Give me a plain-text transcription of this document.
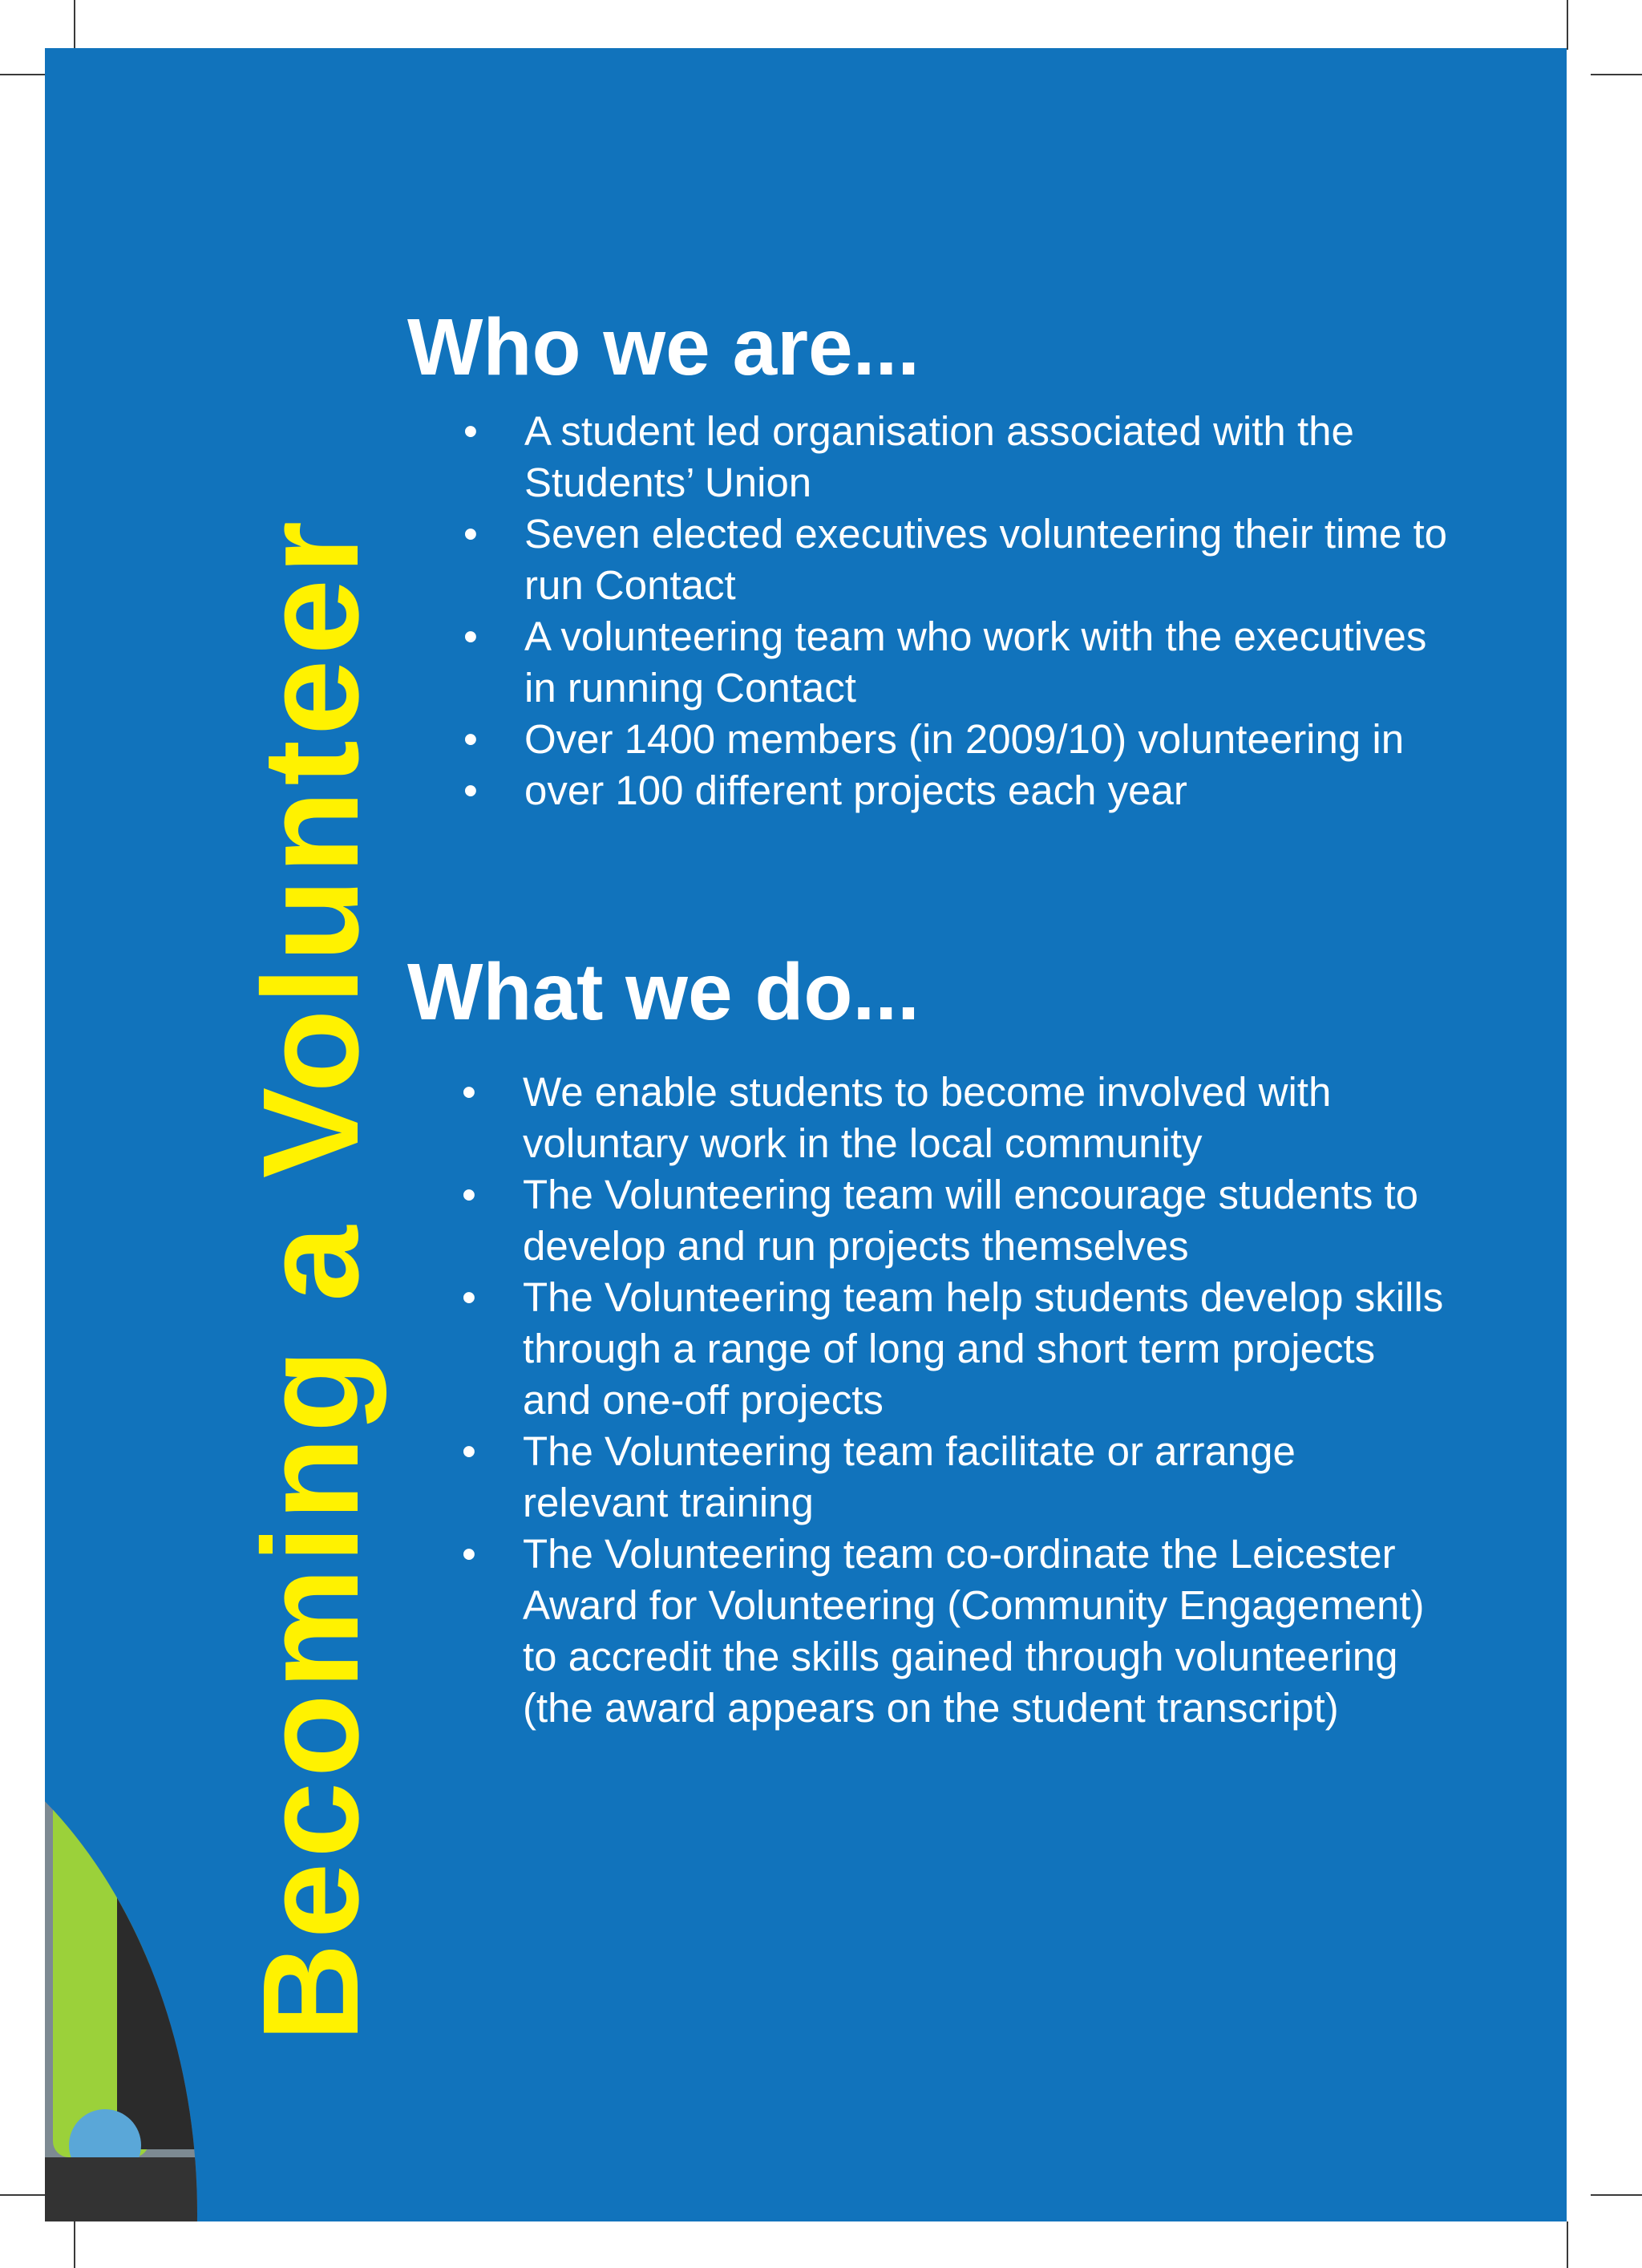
Becoming a Volunteer
Who we are...
• A student led organisation associated with the Students’ Union
• Seven elected executives volunteering their time to run Contact
• A volunteering team who work with the executives in running Contact
• Over 1400 members (in 2009/10) volunteering in
• over 100 different projects each year
What we do...
• We enable students to become involved with voluntary work in the local community
• The Volunteering team will encourage students to develop and run projects themselves
• The Volunteering team help students develop skills through a range of long and short term projects and one-off projects
• The Volunteering team facilitate or arrange relevant training
• The Volunteering team co-ordinate the Leicester Award for Volunteering (Community Engagement) to accredit the skills gained through volunteering (the award appears on the student transcript)
